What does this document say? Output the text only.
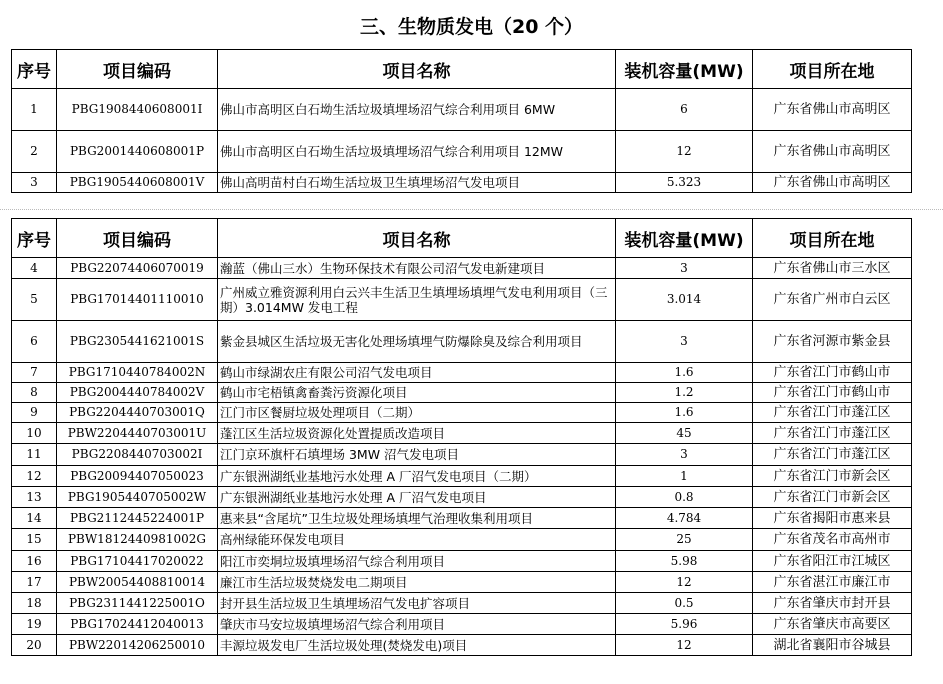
三、生物质发电（20 个）
序号	项目编码	项目名称	装机容量(MW)	项目所在地
1	PBG1908440608001I	佛山市高明区白石坳生活垃圾填埋场沼气综合利用项目 6MW	6	广东省佛山市高明区
2	PBG2001440608001P	佛山市高明区白石坳生活垃圾填埋场沼气综合利用项目 12MW	12	广东省佛山市高明区
3	PBG1905440608001V	佛山高明苗村白石坳生活垃圾卫生填埋场沼气发电项目	5.323	广东省佛山市高明区
序号	项目编码	项目名称	装机容量(MW)	项目所在地
4	PBG22074406070019	瀚蓝（佛山三水）生物环保技术有限公司沼气发电新建项目	3	广东省佛山市三水区
5	PBG17014401110010	广州威立雅资源利用白云兴丰生活卫生填埋场填埋气发电利用项目（三期）3.014MW 发电工程	3.014	广东省广州市白云区
6	PBG2305441621001S	紫金县城区生活垃圾无害化处理场填埋气防爆除臭及综合利用项目	3	广东省河源市紫金县
7	PBG1710440784002N	鹤山市绿湖农庄有限公司沼气发电项目	1.6	广东省江门市鹤山市
8	PBG2004440784002V	鹤山市宅梧镇禽畜粪污资源化项目	1.2	广东省江门市鹤山市
9	PBG2204440703001Q	江门市区餐厨垃圾处理项目（二期）	1.6	广东省江门市蓬江区
10	PBW2204440703001U	蓬江区生活垃圾资源化处置提质改造项目	45	广东省江门市蓬江区
11	PBG2208440703002I	江门京环旗杆石填埋场 3MW 沼气发电项目	3	广东省江门市蓬江区
12	PBG20094407050023	广东银洲湖纸业基地污水处理 A 厂沼气发电项目（二期）	1	广东省江门市新会区
13	PBG1905440705002W	广东银洲湖纸业基地污水处理 A 厂沼气发电项目	0.8	广东省江门市新会区
14	PBG2112445224001P	惠来县“含尾坑”卫生垃圾处理场填埋气治理收集利用项目	4.784	广东省揭阳市惠来县
15	PBW1812440981002G	高州绿能环保发电项目	25	广东省茂名市高州市
16	PBG17104417020022	阳江市奕垌垃圾填埋场沼气综合利用项目	5.98	广东省阳江市江城区
17	PBW20054408810014	廉江市生活垃圾焚烧发电二期项目	12	广东省湛江市廉江市
18	PBG2311441225001O	封开县生活垃圾卫生填埋场沼气发电扩容项目	0.5	广东省肇庆市封开县
19	PBG17024412040013	肇庆市马安垃圾填埋场沼气综合利用项目	5.96	广东省肇庆市高要区
20	PBW22014206250010	丰源垃圾发电厂生活垃圾处理(焚烧发电)项目	12	湖北省襄阳市谷城县
